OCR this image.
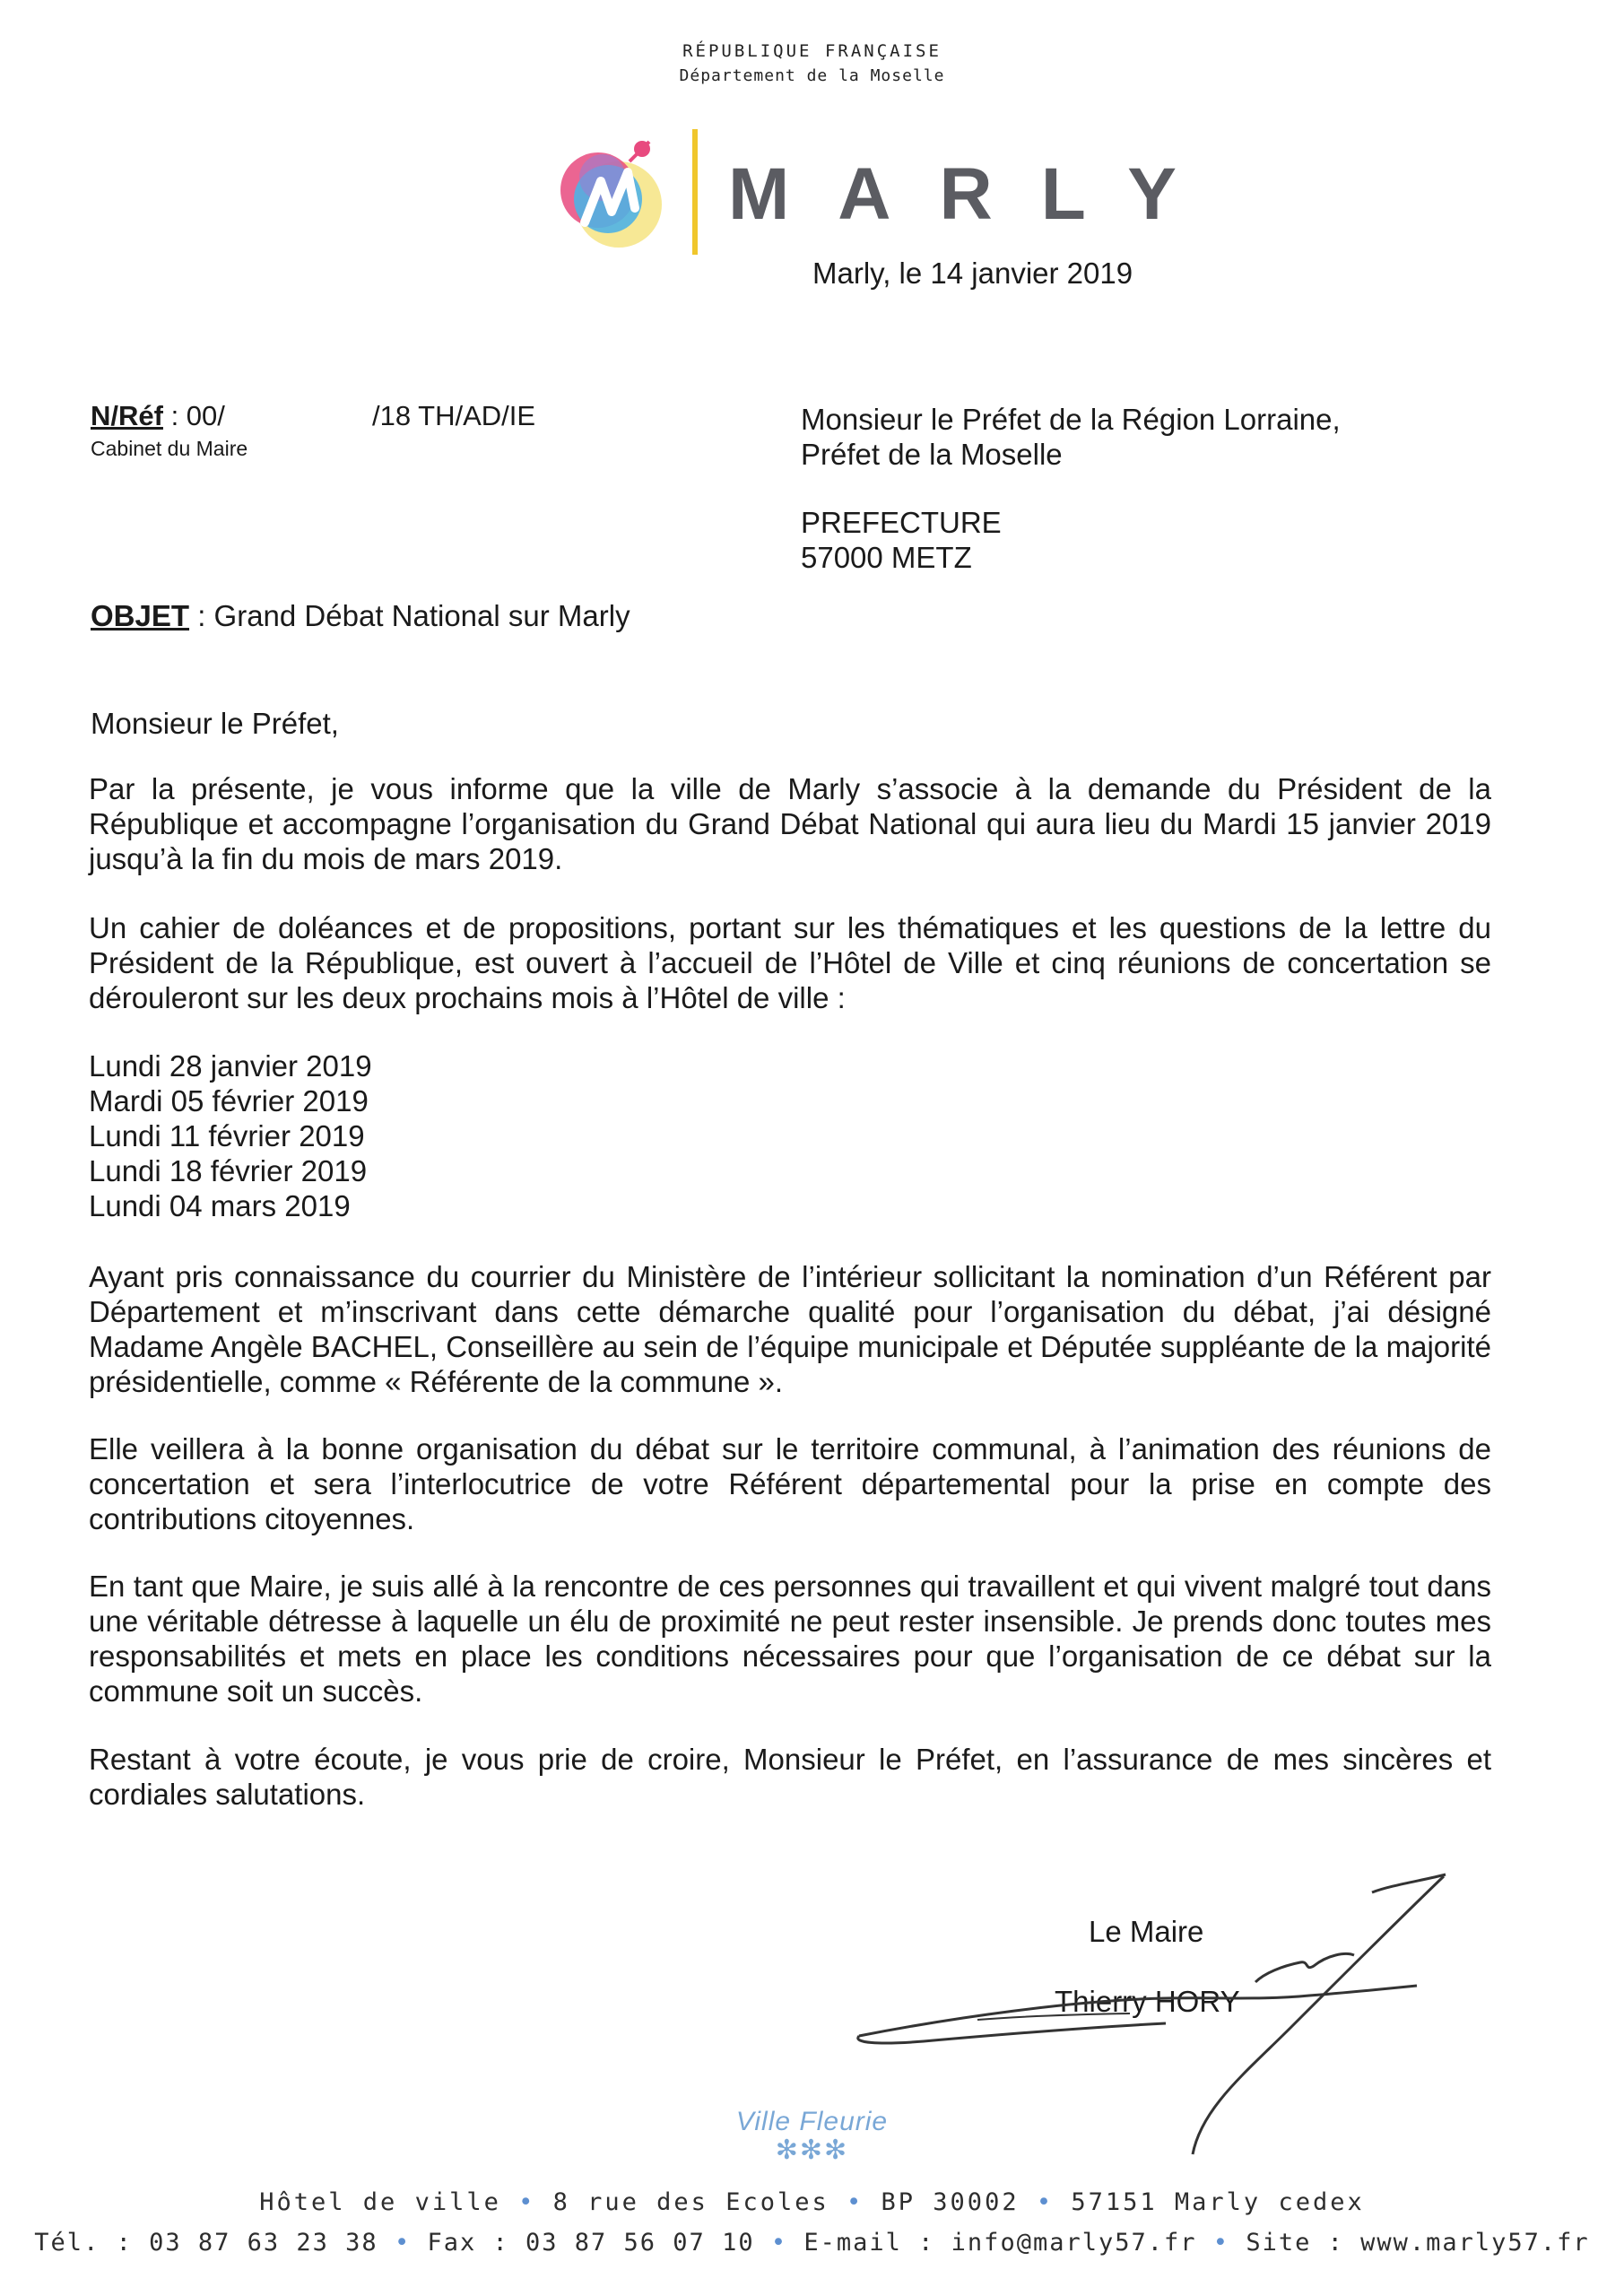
RÉPUBLIQUE FRANÇAISE
Département de la Moselle
MARLY
Marly, le 14 janvier 2019
N/Réf : 00/
Cabinet du Maire
/18 TH/AD/IE	Monsieur le Préfet de la Région Lorraine,
Préfet de la Moselle
PREFECTURE
57000 METZ
OBJET : Grand Débat National sur Marly
Monsieur le Préfet,
Par la présente, je vous informe que la ville de Marly s’associe à la demande du Président de la République et accompagne l’organisation du Grand Débat National qui aura lieu du Mardi 15 janvier 2019 jusqu’à la fin du mois de mars 2019.
Un cahier de doléances et de propositions, portant sur les thématiques et les questions de la lettre du Président de la République, est ouvert à l’accueil de l’Hôtel de Ville et cinq réunions de concertation se dérouleront sur les deux prochains mois à l’Hôtel de ville :
Lundi 28 janvier 2019
Mardi 05 février 2019
Lundi 11 février 2019
Lundi 18 février 2019
Lundi 04 mars 2019
Ayant pris connaissance du courrier du Ministère de l’intérieur sollicitant la nomination d’un Référent par Département et m’inscrivant dans cette démarche qualité pour l’organisation du débat, j’ai désigné Madame Angèle BACHEL, Conseillère au sein de l’équipe municipale et Députée suppléante de la majorité présidentielle, comme « Référente de la commune ».
Elle veillera à la bonne organisation du débat sur le territoire communal, à l’animation des réunions de concertation et sera l’interlocutrice de votre Référent départemental pour la prise en compte des contributions citoyennes.
En tant que Maire, je suis allé à la rencontre de ces personnes qui travaillent et qui vivent malgré tout dans une véritable détresse à laquelle un élu de proximité ne peut rester insensible. Je prends donc toutes mes responsabilités et mets en place les conditions nécessaires pour que l’organisation de ce débat sur la commune soit un succès.
Restant à votre écoute, je vous prie de croire, Monsieur le Préfet, en l’assurance de mes sincères et cordiales salutations.
Le Maire
Thierry HORY
Ville Fleurie
✻✻✻
Hôtel de ville • 8 rue des Ecoles • BP 30002 • 57151 Marly cedex
Tél. : 03 87 63 23 38 • Fax : 03 87 56 07 10 • E-mail : info@marly57.fr • Site : www.marly57.fr
